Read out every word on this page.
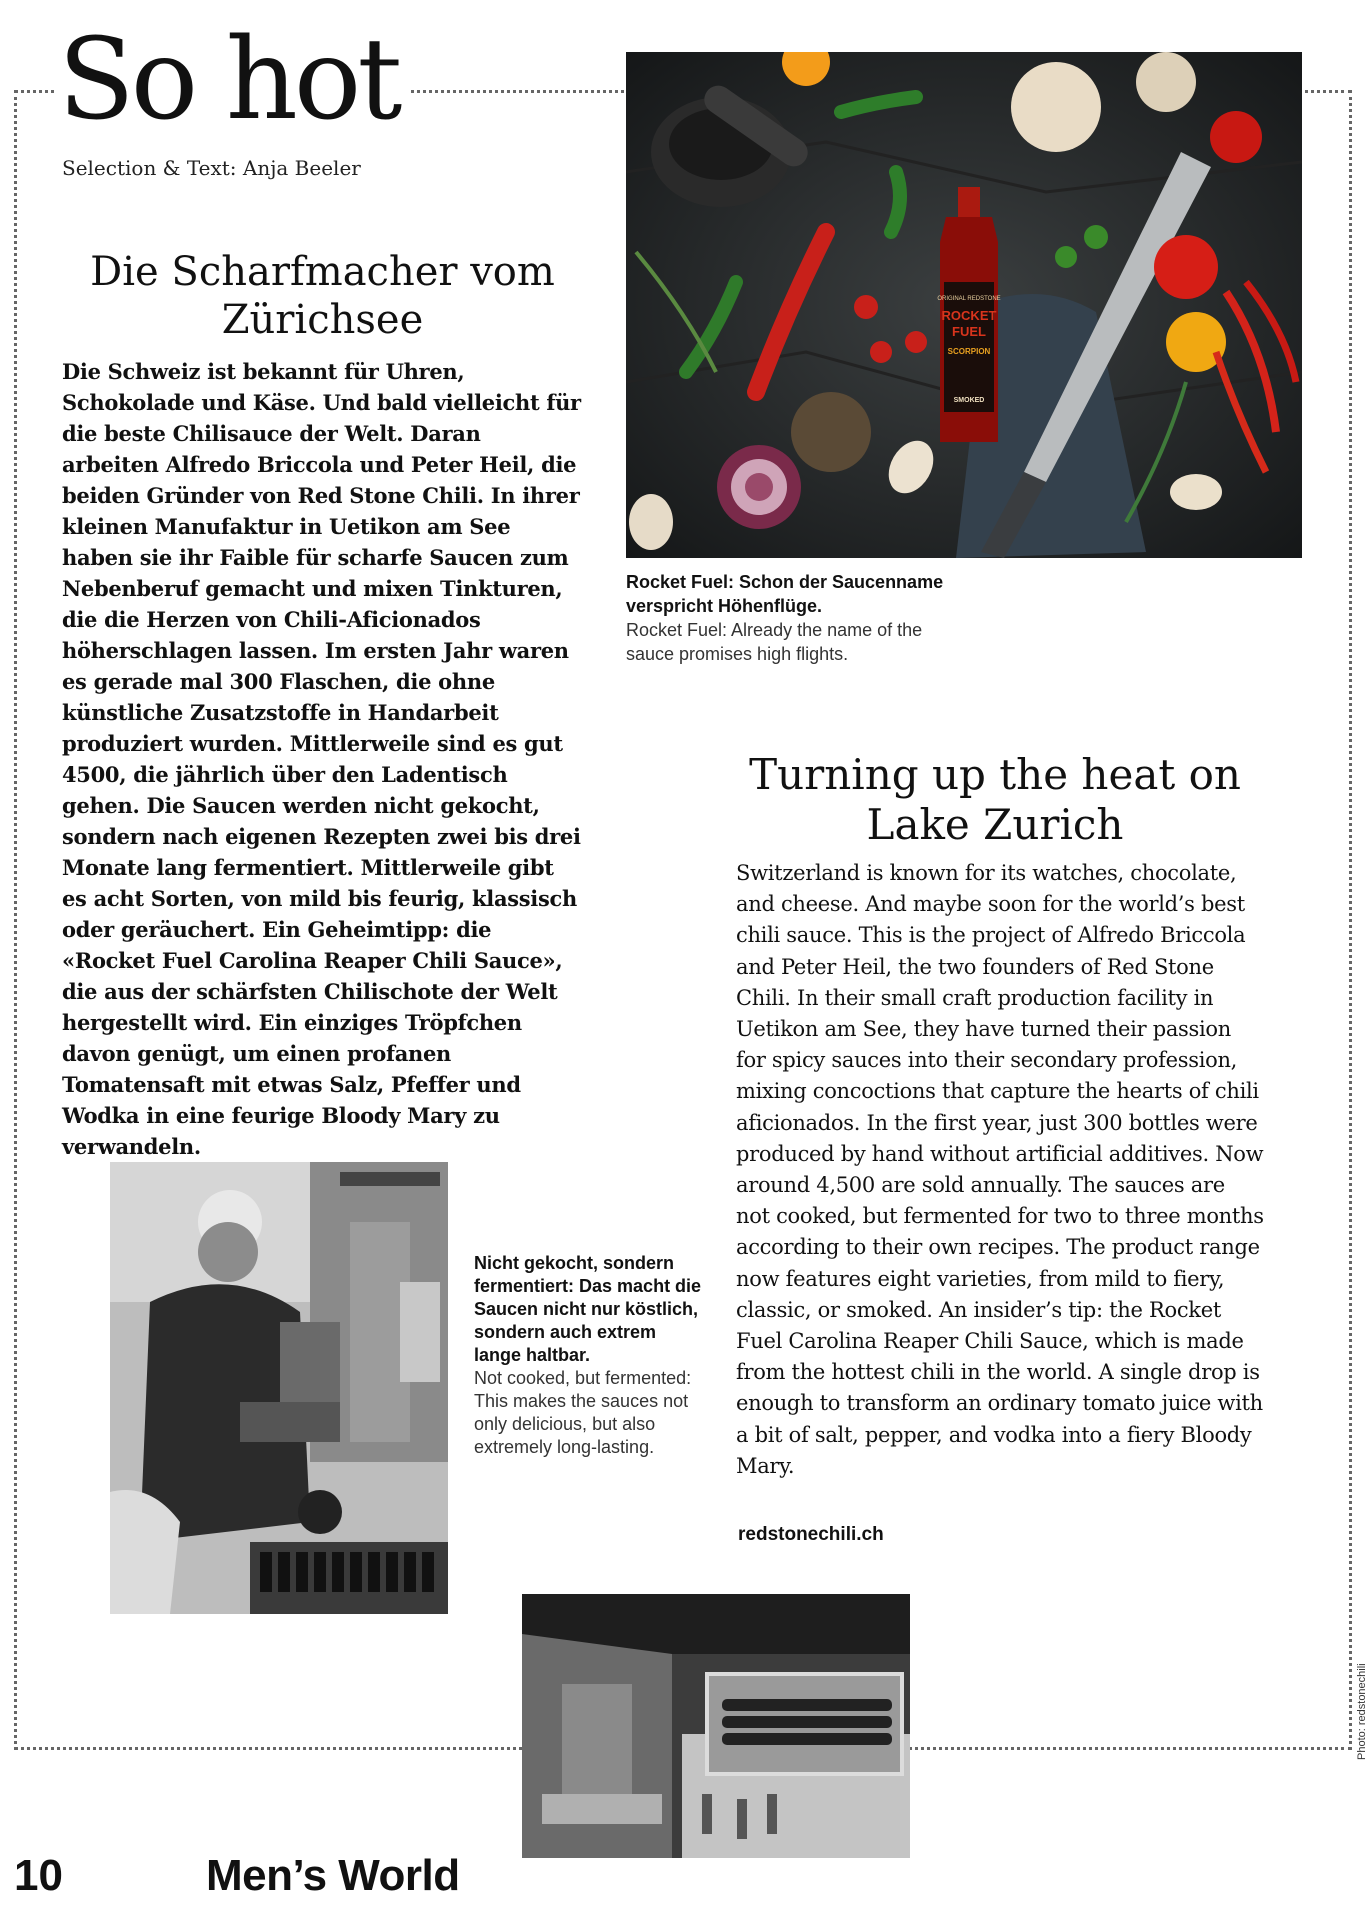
So hot
Selection & Text: Anja Beeler
ORIGINAL REDSTONE
ROCKET
FUEL
SCORPION
SMOKED
Rocket Fuel: Schon der Saucenname verspricht Höhenflüge.
Rocket Fuel: Already the name of the sauce promises high flights.
Die Scharfmacher vom Zürichsee

Die Schweiz ist bekannt für Uhren, Schokolade und Käse. Und bald vielleicht für die beste Chilisauce der Welt. Daran arbeiten Alfredo Briccola und Peter Heil, die beiden Gründer von Red Stone Chili. In ihrer kleinen Manufaktur in Uetikon am See haben sie ihr Faible für scharfe Saucen zum Nebenberuf gemacht und mixen Tinkturen, die die Herzen von Chili-Aficionados höherschlagen lassen. Im ersten Jahr waren es gerade mal 300 Flaschen, die ohne künstliche Zusatzstoffe in Handarbeit produziert wurden. Mittlerweile sind es gut 4500, die jährlich über den Ladentisch gehen. Die Saucen werden nicht gekocht, sondern nach eigenen Rezepten zwei bis drei Monate lang fermentiert. Mittlerweile gibt es acht Sorten, von mild bis feurig, klassisch oder geräuchert. Ein Geheimtipp: die «Rocket Fuel Carolina Reaper Chili Sauce», die aus der schärfsten Chilischote der Welt hergestellt wird. Ein einziges Tröpfchen davon genügt, um einen profanen Tomatensaft mit etwas Salz, Pfeffer und Wodka in eine feurige Bloody Mary zu verwandeln.

Nicht gekocht, sondern fermentiert: Das macht die Saucen nicht nur köstlich, sondern auch extrem lange haltbar.
Not cooked, but fermented: This makes the sauces not only delicious, but also extremely long-lasting.
Turning up the heat on Lake Zurich

Switzerland is known for its watches, chocolate, and cheese. And maybe soon for the world’s best chili sauce. This is the project of Alfredo Briccola and Peter Heil, the two founders of Red Stone Chili. In their small craft production facility in Uetikon am See, they have turned their passion for spicy sauces into their secondary profession, mixing concoctions that capture the hearts of chili aficionados. In the first year, just 300 bottles were produced by hand without artificial additives. Now around 4,500 are sold annually. The sauces are not cooked, but fermented for two to three months according to their own recipes. The product range now features eight varieties, from mild to fiery, classic, or smoked. An insider’s tip: the Rocket Fuel Carolina Reaper Chili Sauce, which is made from the hottest chili in the world. A single drop is enough to transform an ordinary tomato juice with a bit of salt, pepper, and vodka into a fiery Bloody Mary.

redstonechili.ch
Photo: redstonechili
10	Men’s World
